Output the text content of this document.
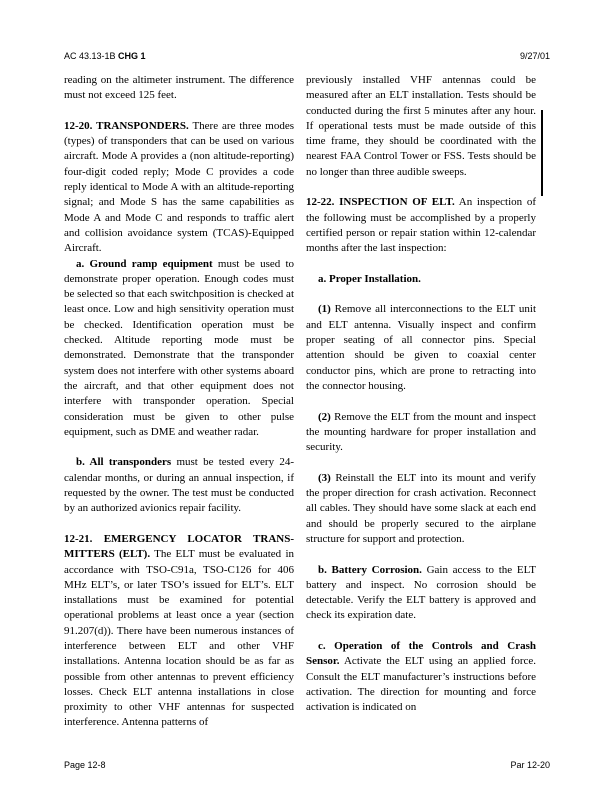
AC 43.13-1B CHG 1	9/27/01

reading on the altimeter instrument. The difference must not exceed 125 feet.

12-20. TRANSPONDERS. There are three modes (types) of transponders that can be used on various aircraft. Mode A provides a (non altitude-reporting) four-digit coded reply; Mode C provides a code reply identical to Mode A with an altitude-reporting signal; and Mode S has the same capabilities as Mode A and Mode C and responds to traffic alert and collision avoidance system (TCAS)-Equipped Aircraft.

a. Ground ramp equipment must be used to demonstrate proper operation. Enough codes must be selected so that each switchposition is checked at least once. Low and high sensitivity operation must be checked. Identification operation must be checked. Altitude reporting mode must be demonstrated. Demonstrate that the transponder system does not interfere with other systems aboard the aircraft, and that other equipment does not interfere with transponder operation. Special consideration must be given to other pulse equipment, such as DME and weather radar.

b. All transponders must be tested every 24-calendar months, or during an annual inspection, if requested by the owner. The test must be conducted by an authorized avionics repair facility.

12-21. EMERGENCY LOCATOR TRANS- MITTERS (ELT). The ELT must be evaluated in accordance with TSO-C91a, TSO-C126 for 406 MHz ELT’s, or later TSO’s issued for ELT’s. ELT installations must be examined for potential operational problems at least once a year (section 91.207(d)). There have been numerous instances of interference between ELT and other VHF installations. Antenna location should be as far as possible from other antennas to prevent efficiency losses. Check ELT antenna installations in close proximity to other VHF antennas for suspected interference. Antenna patterns of

previously installed VHF antennas could be measured after an ELT installation. Tests should be conducted during the first 5 minutes after any hour. If operational tests must be made outside of this time frame, they should be coordinated with the nearest FAA Control Tower or FSS. Tests should be no longer than three audible sweeps.

12-22. INSPECTION OF ELT. An inspection of the following must be accomplished by a properly certified person or repair station within 12-calendar months after the last inspection:

a. Proper Installation.

(1) Remove all interconnections to the ELT unit and ELT antenna. Visually inspect and confirm proper seating of all connector pins. Special attention should be given to coaxial center conductor pins, which are prone to retracting into the connector housing.

(2) Remove the ELT from the mount and inspect the mounting hardware for proper installation and security.

(3) Reinstall the ELT into its mount and verify the proper direction for crash activation. Reconnect all cables. They should have some slack at each end and should be properly secured to the airplane structure for support and protection.

b. Battery Corrosion. Gain access to the ELT battery and inspect. No corrosion should be detectable. Verify the ELT battery is approved and check its expiration date.

c. Operation of the Controls and Crash Sensor. Activate the ELT using an applied force. Consult the ELT manufacturer’s instructions before activation. The direction for mounting and force activation is indicated on

Page 12-8	Par 12-20
